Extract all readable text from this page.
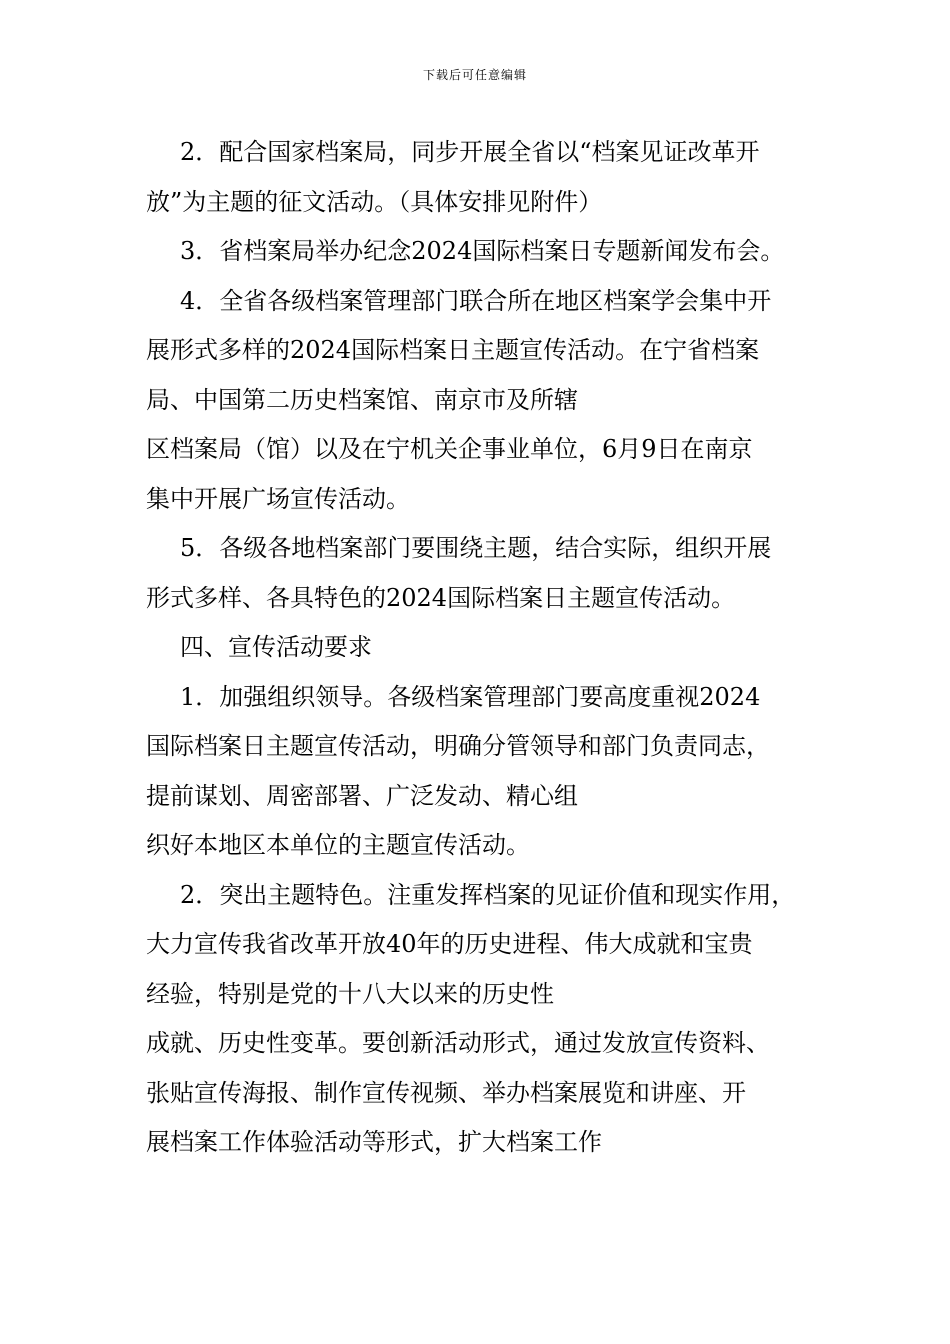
下载后可任意编辑
2．配合国家档案局，同步开展全省以“档案见证改革开
放”为主题的征文活动。（具体安排见附件）
3．省档案局举办纪念2024国际档案日专题新闻发布会。
4．全省各级档案管理部门联合所在地区档案学会集中开
展形式多样的2024国际档案日主题宣传活动。在宁省档案
局、中国第二历史档案馆、南京市及所辖
区档案局（馆）以及在宁机关企事业单位，6月9日在南京
集中开展广场宣传活动。
5．各级各地档案部门要围绕主题，结合实际，组织开展
形式多样、各具特色的2024国际档案日主题宣传活动。
四、宣传活动要求
1．加强组织领导。各级档案管理部门要高度重视2024
国际档案日主题宣传活动，明确分管领导和部门负责同志，
提前谋划、周密部署、广泛发动、精心组
织好本地区本单位的主题宣传活动。
2．突出主题特色。注重发挥档案的见证价值和现实作用，
大力宣传我省改革开放40年的历史进程、伟大成就和宝贵
经验，特别是党的十八大以来的历史性
成就、历史性变革。要创新活动形式，通过发放宣传资料、
张贴宣传海报、制作宣传视频、举办档案展览和讲座、开
展档案工作体验活动等形式，扩大档案工作
